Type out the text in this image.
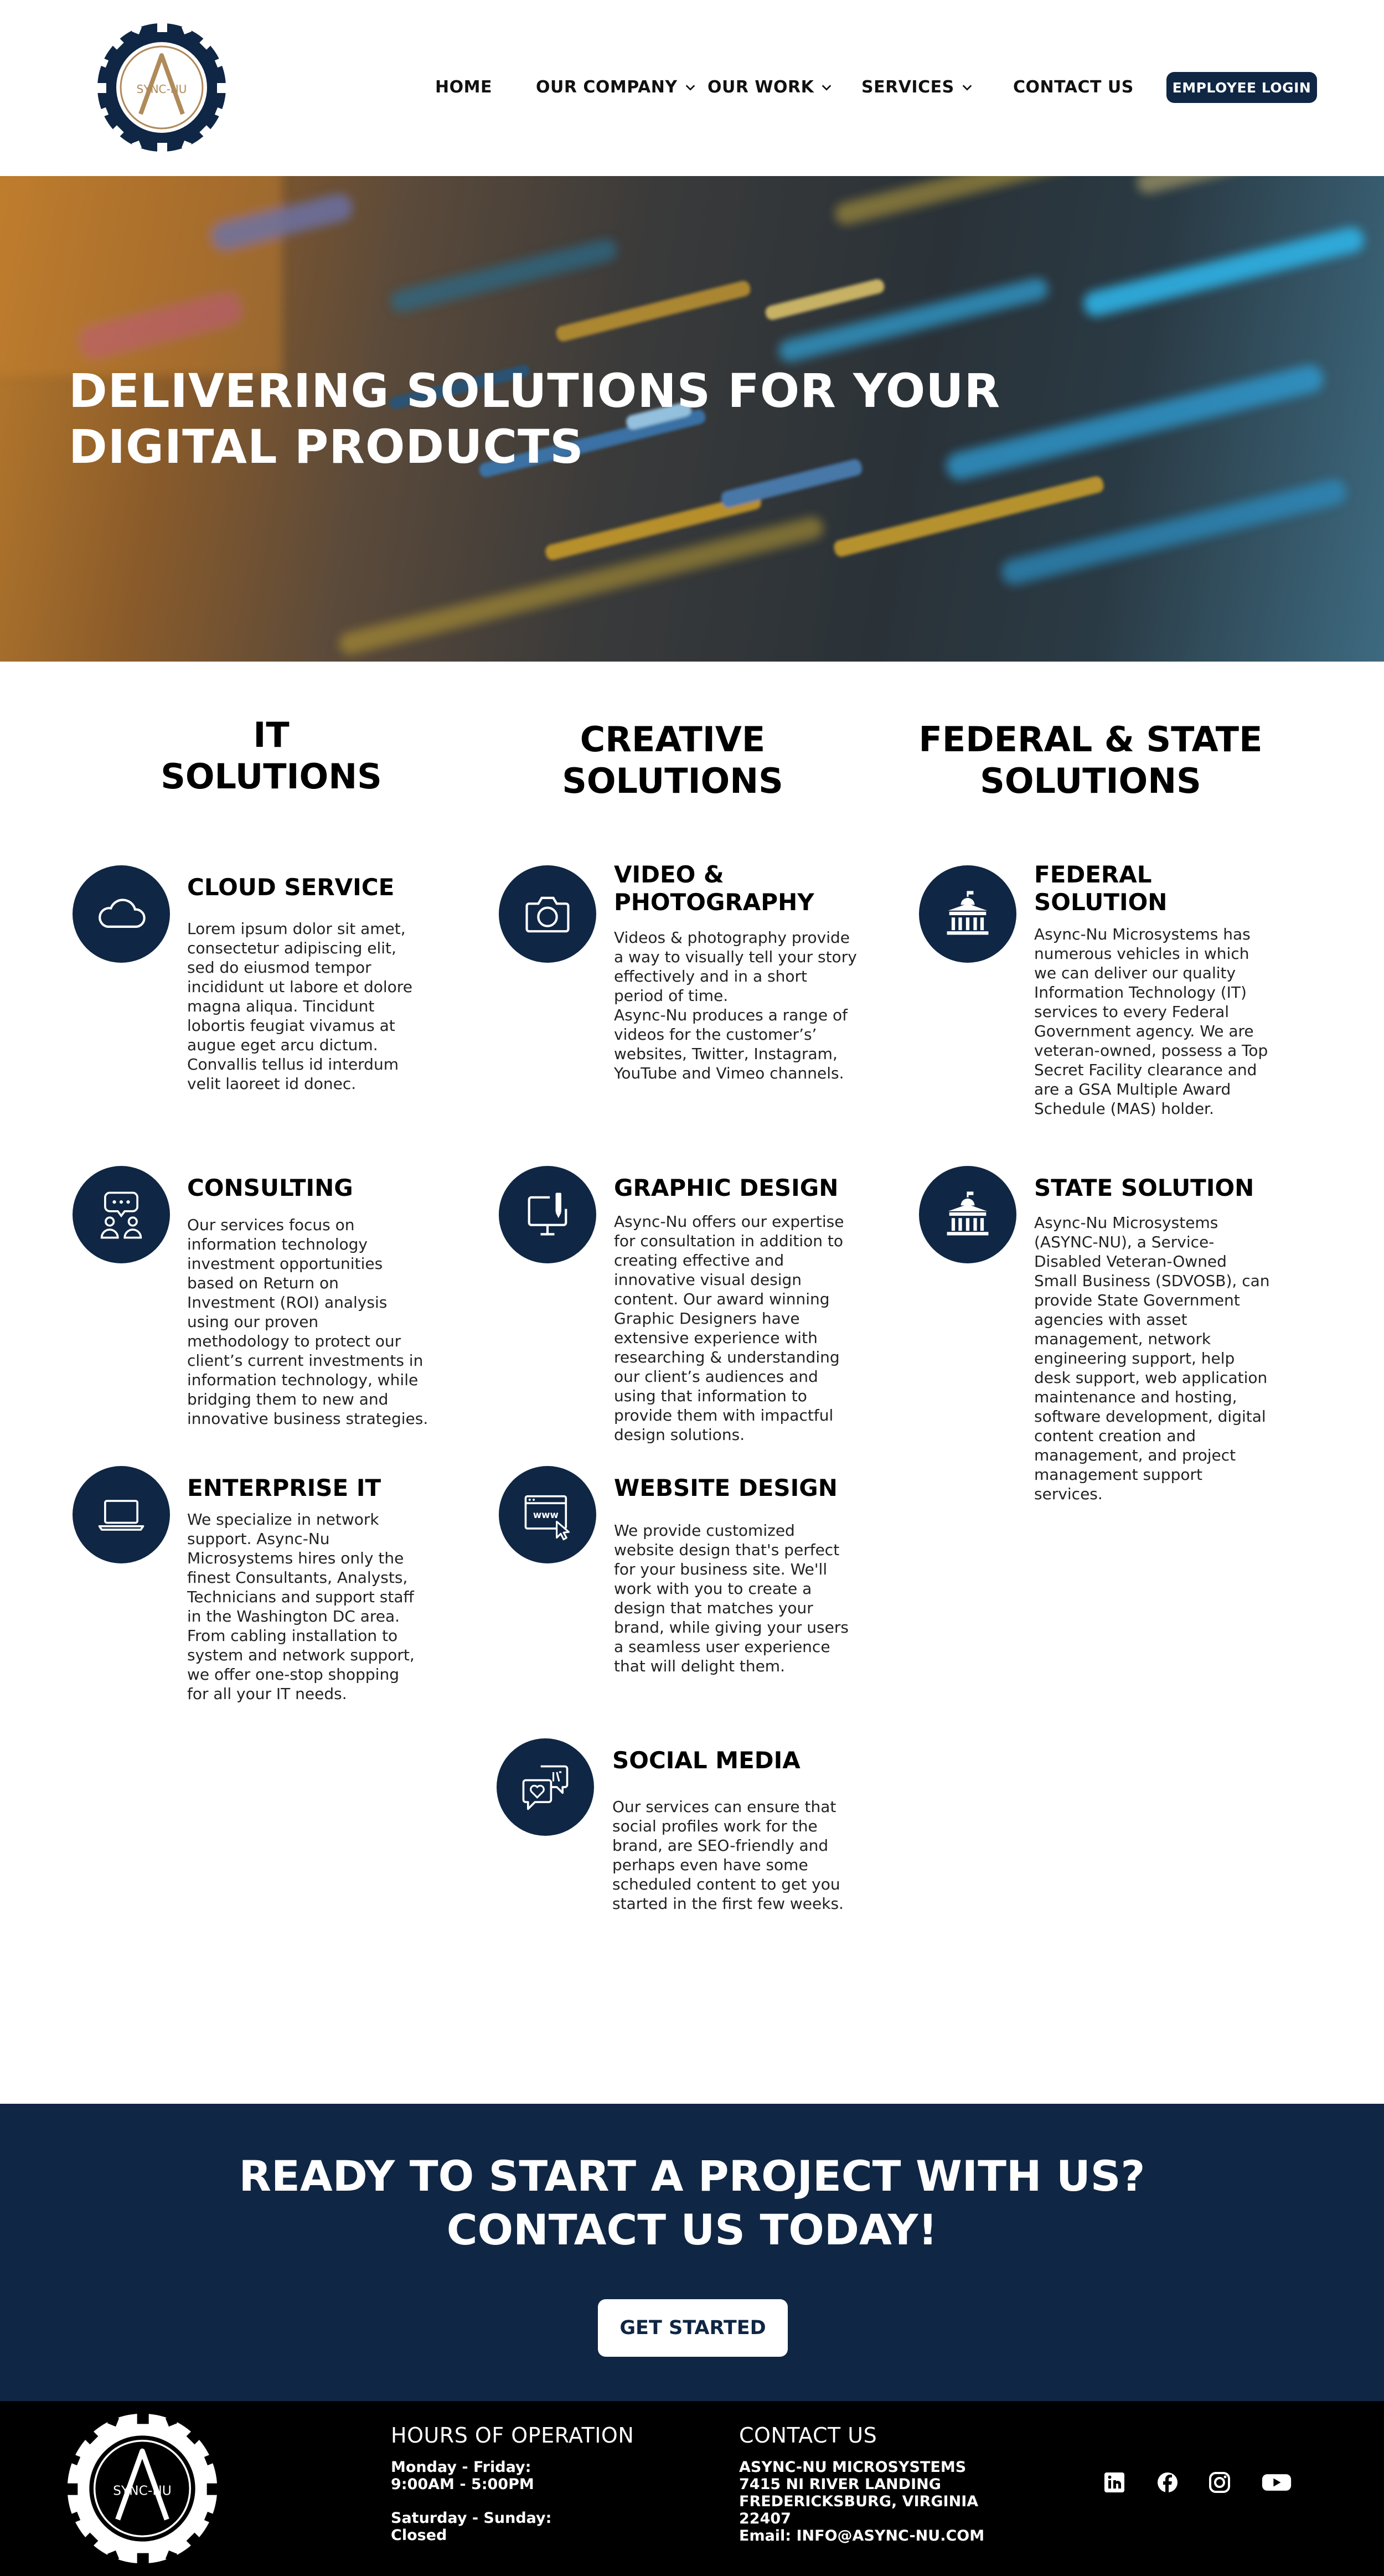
SYNC-NU	HOME	OUR COMPANY OUR WORK	SERVICES	CONTACT US	EMPLOYEE LOGIN
DELIVERING SOLUTIONS FOR YOUR
DIGITAL PRODUCTS
IT
SOLUTIONS
CREATIVE
SOLUTIONS
FEDERAL & STATE
SOLUTIONS
CLOUD SERVICE
Lorem ipsum dolor sit amet,
consectetur adipiscing elit,
sed do eiusmod tempor
incididunt ut labore et dolore
magna aliqua. Tincidunt
lobortis feugiat vivamus at
augue eget arcu dictum.
Convallis tellus id interdum
velit laoreet id donec.
CONSULTING
Our services focus on
information technology
investment opportunities
based on Return on
Investment (ROI) analysis
using our proven
methodology to protect our
client’s current investments in
information technology, while
bridging them to new and
innovative business strategies.
ENTERPRISE IT
We specialize in network
support. Async-Nu
Microsystems hires only the
finest Consultants, Analysts,
Technicians and support staff
in the Washington DC area.
From cabling installation to
system and network support,
we offer one-stop shopping
for all your IT needs.
VIDEO &
PHOTOGRAPHY
Videos & photography provide
a way to visually tell your story
effectively and in a short
period of time.
Async-Nu produces a range of
videos for the customer’s’
websites, Twitter, Instagram,
YouTube and Vimeo channels.
GRAPHIC DESIGN
Async-Nu offers our expertise
for consultation in addition to
creating effective and
innovative visual design
content. Our award winning
Graphic Designers have
extensive experience with
researching & understanding
our client’s audiences and
using that information to
provide them with impactful
design solutions.
www
WEBSITE DESIGN
We provide customized
website design that's perfect
for your business site. We'll
work with you to create a
design that matches your
brand, while giving your users
a seamless user experience
that will delight them.
SOCIAL MEDIA
Our services can ensure that
social profiles work for the
brand, are SEO-friendly and
perhaps even have some
scheduled content to get you
started in the first few weeks.
FEDERAL
SOLUTION
Async-Nu Microsystems has
numerous vehicles in which
we can deliver our quality
Information Technology (IT)
services to every Federal
Government agency. We are
veteran-owned, possess a Top
Secret Facility clearance and
are a GSA Multiple Award
Schedule (MAS) holder.
STATE SOLUTION
Async-Nu Microsystems
(ASYNC-NU), a Service-
Disabled Veteran-Owned
Small Business (SDVOSB), can
provide State Government
agencies with asset
management, network
engineering support, help
desk support, web application
maintenance and hosting,
software development, digital
content creation and
management, and project
management support
services.
READY TO START A PROJECT WITH US?
CONTACT US TODAY!
GET STARTED
SYNC-NU
HOURS OF OPERATION
Monday - Friday:
9:00AM - 5:00PM
Saturday - Sunday:
Closed
CONTACT US
ASYNC-NU MICROSYSTEMS
7415 NI RIVER LANDING
FREDERICKSBURG, VIRGINIA
22407
Email: INFO@ASYNC-NU.COM
